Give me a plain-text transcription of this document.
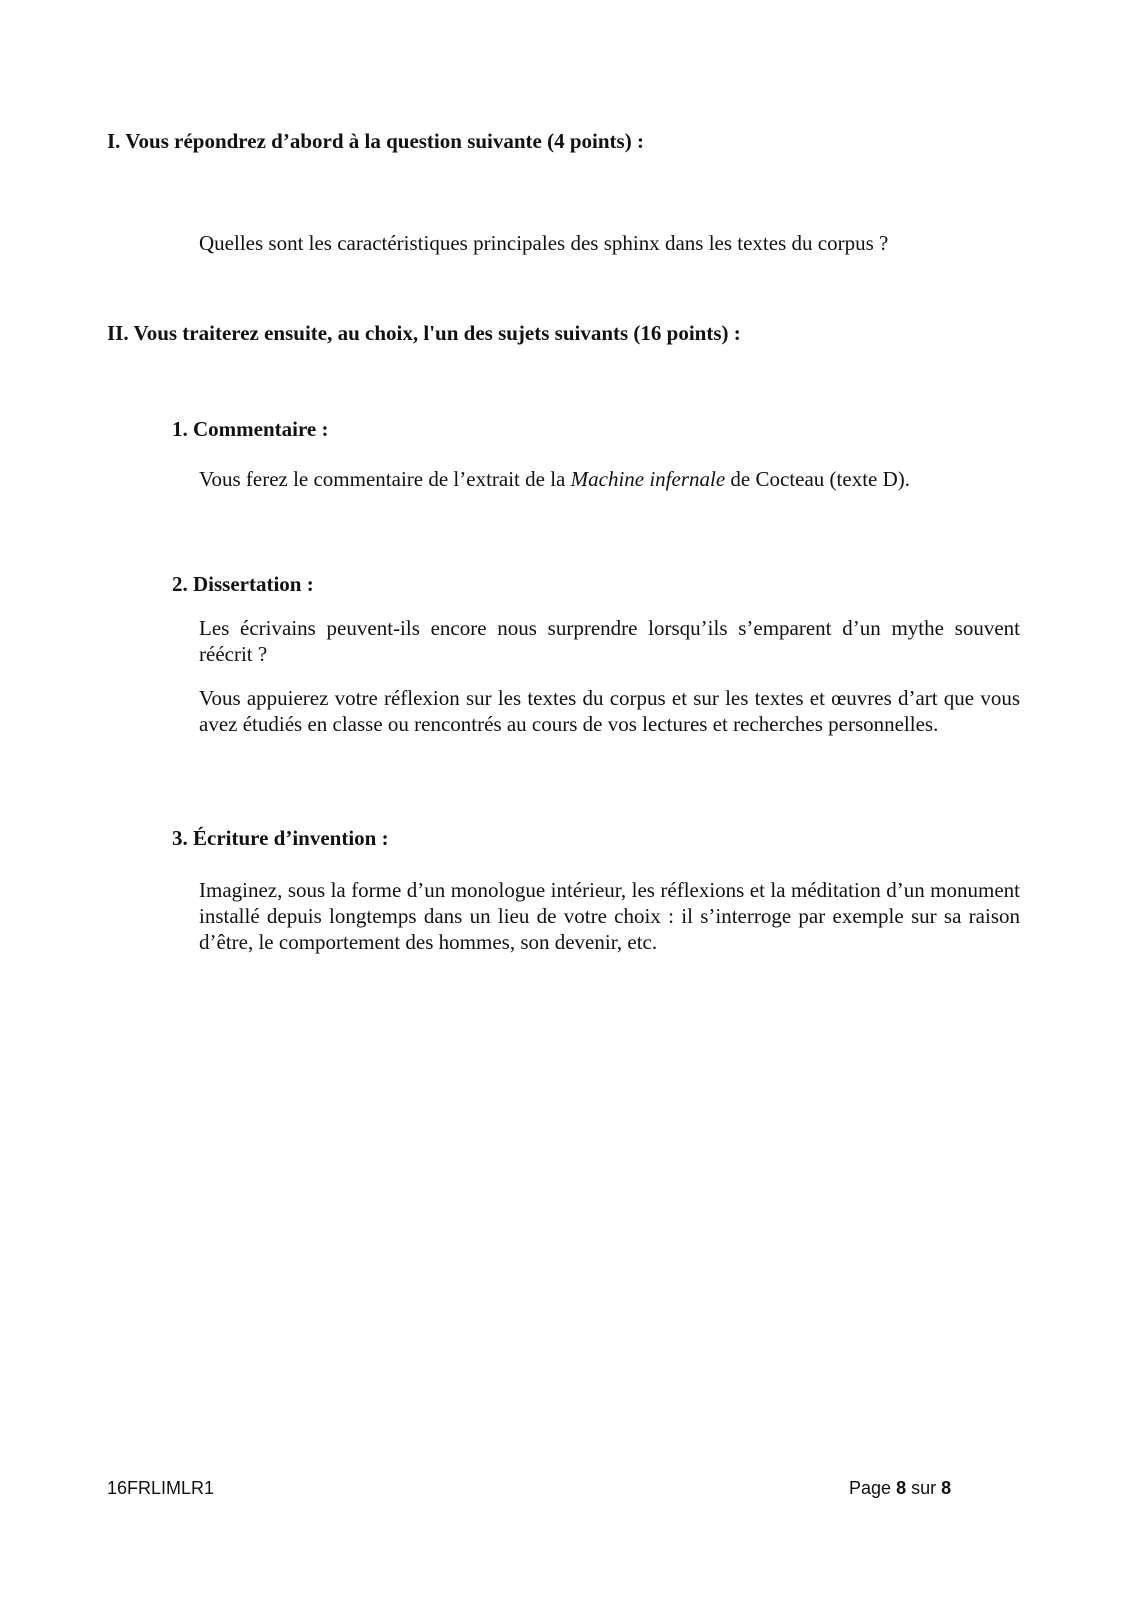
I. Vous répondrez d’abord à la question suivante (4 points) :
Quelles sont les caractéristiques principales des sphinx dans les textes du corpus ?
II. Vous traiterez ensuite, au choix, l'un des sujets suivants (16 points) :
1. Commentaire :
Vous ferez le commentaire de l’extrait de la Machine infernale de Cocteau (texte D).
2. Dissertation :
Les écrivains peuvent-ils encore nous surprendre lorsqu’ils s’emparent d’un mythe souvent réécrit ?
Vous appuierez votre réflexion sur les textes du corpus et sur les textes et œuvres d’art que vous avez étudiés en classe ou rencontrés au cours de vos lectures et recherches personnelles.
3. Écriture d’invention :
Imaginez, sous la forme d’un monologue intérieur, les réflexions et la méditation d’un monument installé depuis longtemps dans un lieu de votre choix : il s’interroge par exemple sur sa raison d’être, le comportement des hommes, son devenir, etc.
16FRLIMLR1	Page 8 sur 8
